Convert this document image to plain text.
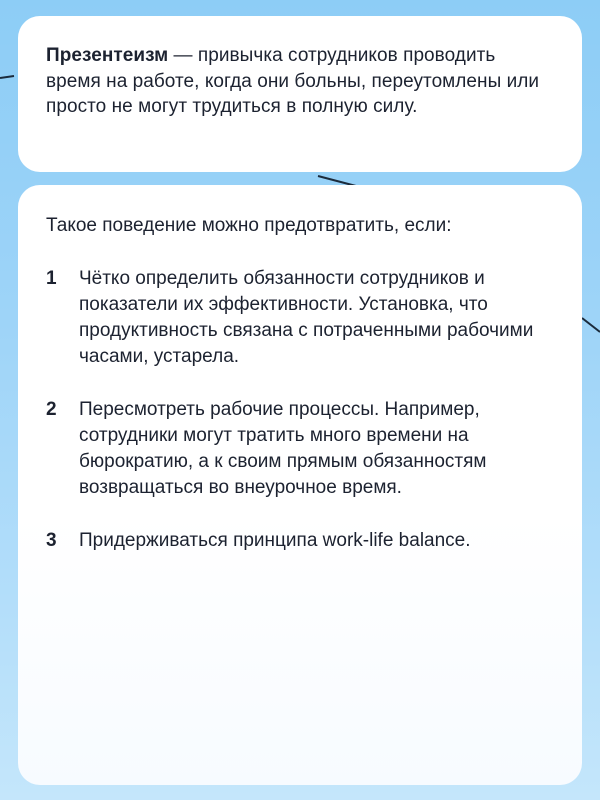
Презентеизм — привычка сотрудников проводить время на работе, когда они больны, переутомлены или просто не могут трудиться в полную силу.

Такое поведение можно предотвратить, если:

1	Чётко определить обязанности сотрудников и показатели их эффективности. Установка, что продуктивность связана с потраченными рабочими часами, устарела.
2	Пересмотреть рабочие процессы. Например, сотрудники могут тратить много времени на бюрократию, а к своим прямым обязанностям возвращаться во внеурочное время.
3	Придерживаться принципа work-life balance.
